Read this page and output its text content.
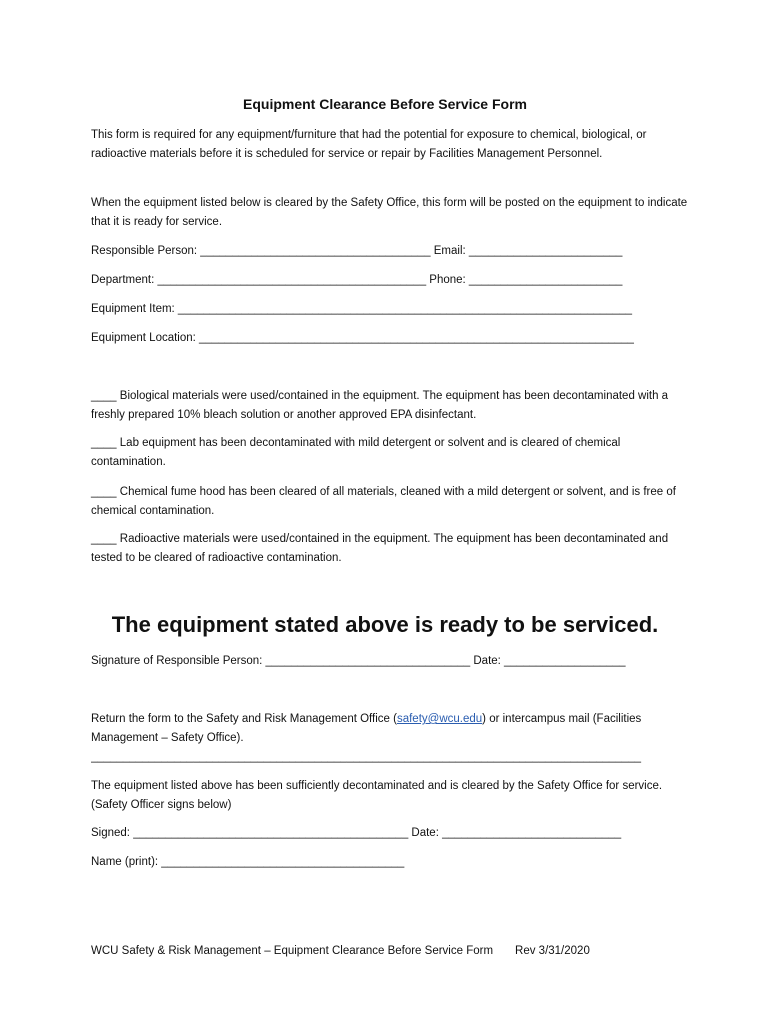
Equipment Clearance Before Service Form
This form is required for any equipment/furniture that had the potential for exposure to chemical, biological, or radioactive materials before it is scheduled for service or repair by Facilities Management Personnel.
When the equipment listed below is cleared by the Safety Office, this form will be posted on the equipment to indicate that it is ready for service.
Responsible Person: ____________________________________ Email: ________________________
Department: __________________________________________ Phone: ________________________
Equipment Item: _______________________________________________________________________
Equipment Location: ____________________________________________________________________
____ Biological materials were used/contained in the equipment. The equipment has been decontaminated with a freshly prepared 10% bleach solution or another approved EPA disinfectant.
____ Lab equipment has been decontaminated with mild detergent or solvent and is cleared of chemical contamination.
____ Chemical fume hood has been cleared of all materials, cleaned with a mild detergent or solvent, and is free of chemical contamination.
____ Radioactive materials were used/contained in the equipment. The equipment has been decontaminated and tested to be cleared of radioactive contamination.
The equipment stated above is ready to be serviced.
Signature of Responsible Person: ________________________________ Date: ___________________
Return the form to the Safety and Risk Management Office (safety@wcu.edu) or intercampus mail (Facilities Management – Safety Office).
______________________________________________________________________________________
The equipment listed above has been sufficiently decontaminated and is cleared by the Safety Office for service. (Safety Officer signs below)
Signed: ___________________________________________ Date: ____________________________
Name (print): ______________________________________
WCU Safety & Risk Management – Equipment Clearance Before Service Form Rev 3/31/2020
